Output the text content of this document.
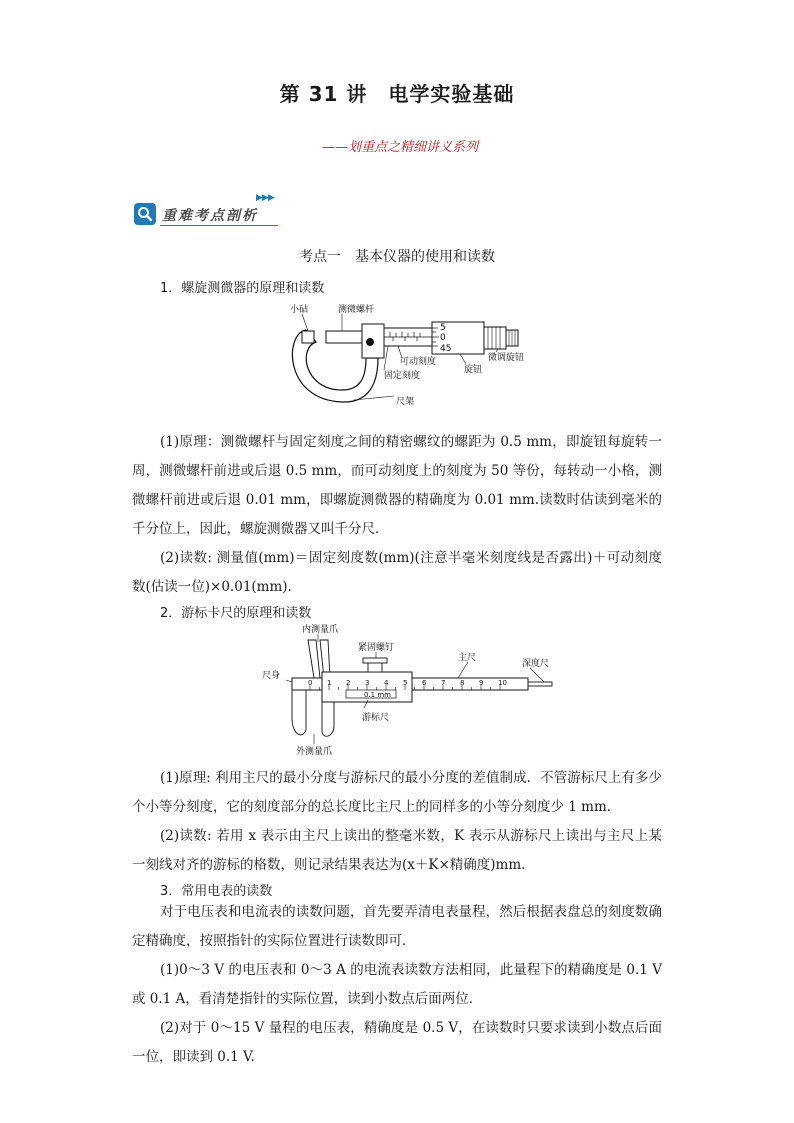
第 31 讲　电学实验基础
——划重点之精细讲义系列
重难考点剖析
▶▶▶
考点一　基本仪器的使用和读数
1．螺旋测微器的原理和读数
5
0
45
小砧	测微螺杆
可动刻度
固定刻度
旋钮
微调旋钮
尺架
(1)原理：测微螺杆与固定刻度之间的精密螺纹的螺距为 0.5 mm，即旋钮每旋转一周，测微螺杆前进或后退 0.5 mm，而可动刻度上的刻度为 50 等份，每转动一小格，测微螺杆前进或后退 0.01 mm，即螺旋测微器的精确度为 0.01 mm.读数时估读到毫米的千分位上，因此，螺旋测微器又叫千分尺．
(2)读数: 测量值(mm)＝固定刻度数(mm)(注意半毫米刻度线是否露出)＋可动刻度数(估读一位)×0.01(mm).
2．游标卡尺的原理和读数
0 1 2 3 4 5 6 7 8 9 10
内测量爪
紧固螺钉
主尺
深度尺
尺身
游标尺
0.1 mm
外测量爪
(1)原理: 利用主尺的最小分度与游标尺的最小分度的差值制成．不管游标尺上有多少个小等分刻度，它的刻度部分的总长度比主尺上的同样多的小等分刻度少 1 mm.
(2)读数: 若用 x 表示由主尺上读出的整毫米数，K 表示从游标尺上读出与主尺上某一刻线对齐的游标的格数，则记录结果表达为(x＋K×精确度)mm.
3．常用电表的读数
对于电压表和电流表的读数问题，首先要弄清电表量程，然后根据表盘总的刻度数确定精确度，按照指针的实际位置进行读数即可．
(1)0～3 V 的电压表和 0～3 A 的电流表读数方法相同，此量程下的精确度是 0.1 V 或 0.1 A，看清楚指针的实际位置，读到小数点后面两位．
(2)对于 0～15 V 量程的电压表，精确度是 0.5 V，在读数时只要求读到小数点后面一位，即读到 0.1 V.
